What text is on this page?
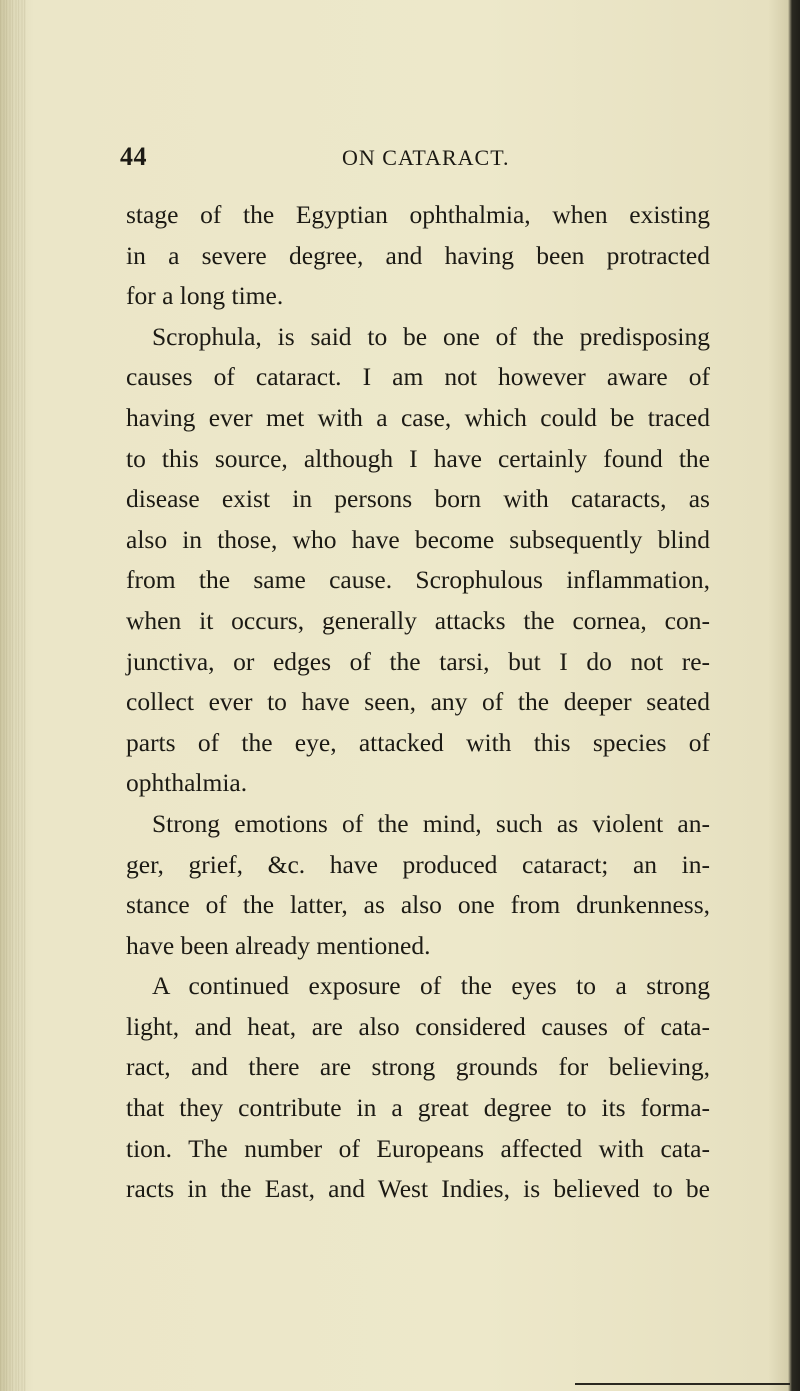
44	ON CATARACT.
stage of the Egyptian ophthalmia, when existing
in a severe degree, and having been protracted
for a long time.
Scrophula, is said to be one of the predisposing
causes of cataract. I am not however aware of
having ever met with a case, which could be traced
to this source, although I have certainly found the
disease exist in persons born with cataracts, as
also in those, who have become subsequently blind
from the same cause. Scrophulous inflammation,
when it occurs, generally attacks the cornea, con-
junctiva, or edges of the tarsi, but I do not re-
collect ever to have seen, any of the deeper seated
parts of the eye, attacked with this species of
ophthalmia.
Strong emotions of the mind, such as violent an-
ger, grief, &c. have produced cataract; an in-
stance of the latter, as also one from drunkenness,
have been already mentioned.
A continued exposure of the eyes to a strong
light, and heat, are also considered causes of cata-
ract, and there are strong grounds for believing,
that they contribute in a great degree to its forma-
tion. The number of Europeans affected with cata-
racts in the East, and West Indies, is believed to be
